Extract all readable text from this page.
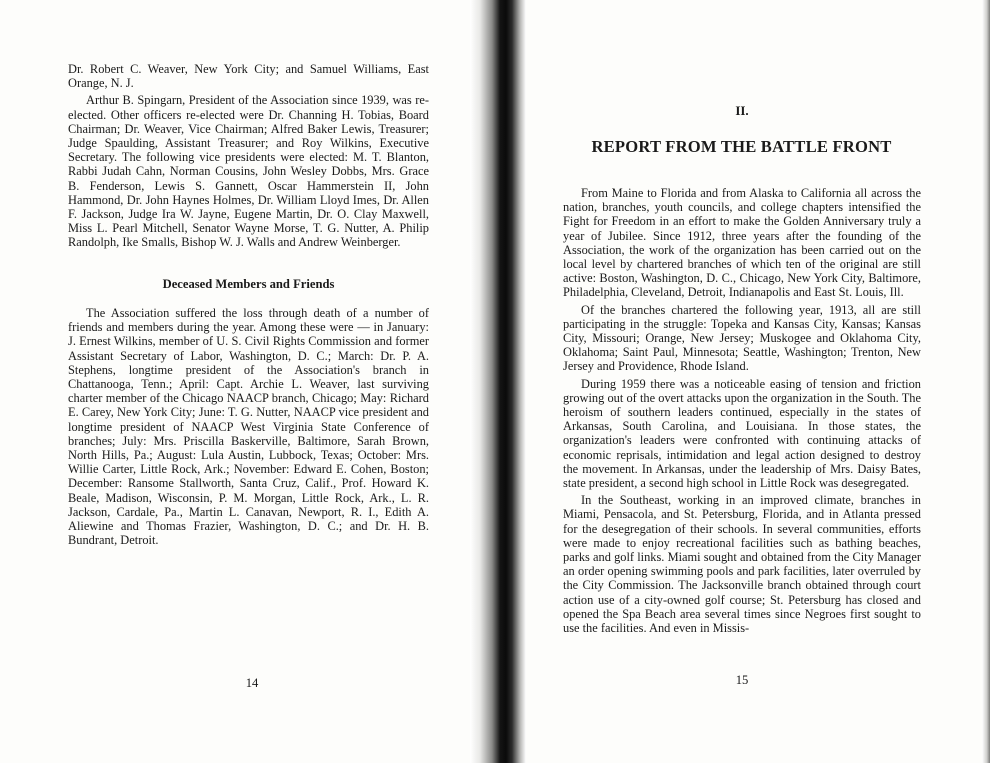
Dr. Robert C. Weaver, New York City; and Samuel Williams, East Orange, N. J.

Arthur B. Spingarn, President of the Association since 1939, was re-elected. Other officers re-elected were Dr. Channing H. Tobias, Board Chairman; Dr. Weaver, Vice Chairman; Alfred Baker Lewis, Treasurer; Judge Spaulding, Assistant Treasurer; and Roy Wilkins, Executive Secretary. The following vice presidents were elected: M. T. Blanton, Rabbi Judah Cahn, Norman Cousins, John Wesley Dobbs, Mrs. Grace B. Fenderson, Lewis S. Gannett, Oscar Hammerstein II, John Hammond, Dr. John Haynes Holmes, Dr. William Lloyd Imes, Dr. Allen F. Jackson, Judge Ira W. Jayne, Eugene Martin, Dr. O. Clay Maxwell, Miss L. Pearl Mitchell, Senator Wayne Morse, T. G. Nutter, A. Philip Randolph, Ike Smalls, Bishop W. J. Walls and Andrew Weinberger.

Deceased Members and Friends

The Association suffered the loss through death of a number of friends and members during the year. Among these were — in January: J. Ernest Wilkins, member of U. S. Civil Rights Commission and former Assistant Secretary of Labor, Washington, D. C.; March: Dr. P. A. Stephens, longtime president of the Association's branch in Chattanooga, Tenn.; April: Capt. Archie L. Weaver, last surviving charter member of the Chicago NAACP branch, Chicago; May: Richard E. Carey, New York City; June: T. G. Nutter, NAACP vice president and longtime president of NAACP West Virginia State Conference of branches; July: Mrs. Priscilla Baskerville, Baltimore, Sarah Brown, North Hills, Pa.; August: Lula Austin, Lubbock, Texas; October: Mrs. Willie Carter, Little Rock, Ark.; November: Edward E. Cohen, Boston; December: Ransome Stallworth, Santa Cruz, Calif., Prof. Howard K. Beale, Madison, Wisconsin, P. M. Morgan, Little Rock, Ark., L. R. Jackson, Cardale, Pa., Martin L. Canavan, Newport, R. I., Edith A. Aliewine and Thomas Frazier, Washington, D. C.; and Dr. H. B. Bundrant, Detroit.

14
II.
REPORT FROM THE BATTLE FRONT

From Maine to Florida and from Alaska to California all across the nation, branches, youth councils, and college chapters intensified the Fight for Freedom in an effort to make the Golden Anniversary truly a year of Jubilee. Since 1912, three years after the founding of the Association, the work of the organization has been carried out on the local level by chartered branches of which ten of the original are still active: Boston, Washington, D. C., Chicago, New York City, Baltimore, Philadelphia, Cleveland, Detroit, Indianapolis and East St. Louis, Ill.

Of the branches chartered the following year, 1913, all are still participating in the struggle: Topeka and Kansas City, Kansas; Kansas City, Missouri; Orange, New Jersey; Muskogee and Oklahoma City, Oklahoma; Saint Paul, Minnesota; Seattle, Washington; Trenton, New Jersey and Providence, Rhode Island.

During 1959 there was a noticeable easing of tension and friction growing out of the overt attacks upon the organization in the South. The heroism of southern leaders continued, especially in the states of Arkansas, South Carolina, and Louisiana. In those states, the organization's leaders were confronted with continuing attacks of economic reprisals, intimidation and legal action designed to destroy the movement. In Arkansas, under the leadership of Mrs. Daisy Bates, state president, a second high school in Little Rock was desegregated.

In the Southeast, working in an improved climate, branches in Miami, Pensacola, and St. Petersburg, Florida, and in Atlanta pressed for the desegregation of their schools. In several communities, efforts were made to enjoy recreational facilities such as bathing beaches, parks and golf links. Miami sought and obtained from the City Manager an order opening swimming pools and park facilities, later overruled by the City Commission. The Jacksonville branch obtained through court action use of a city-owned golf course; St. Petersburg has closed and opened the Spa Beach area several times since Negroes first sought to use the facilities. And even in Missis-

15
